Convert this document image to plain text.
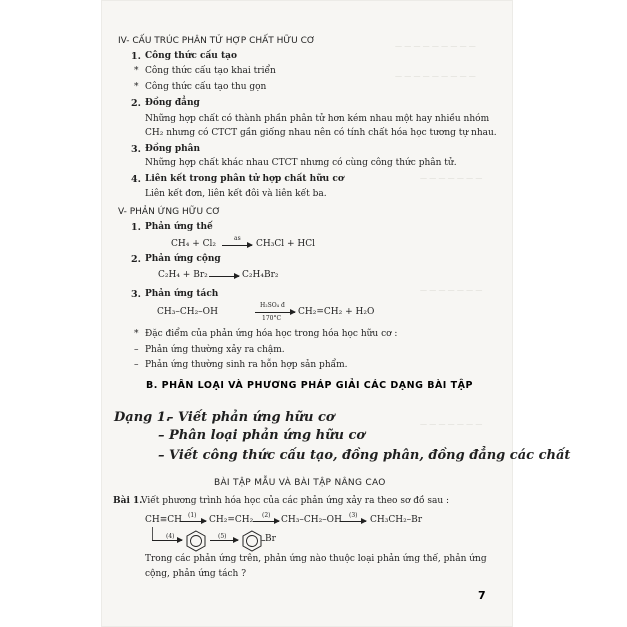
— — — — — — — — —
— — — — — — — — —
— — — — — — —
— — — — — — —
— — — — — — —
IV- CẤU TRÚC PHÂN TỬ HỢP CHẤT HỮU CƠ
1. Công thức cấu tạo
* Công thức cấu tạo khai triển
* Công thức cấu tạo thu gọn
2. Đồng đẳng
Những hợp chất có thành phần phân tử hơn kém nhau một hay nhiều nhóm
CH₂ nhưng có CTCT gần giống nhau nên có tính chất hóa học tương tự nhau.
3. Đồng phân
Những hợp chất khác nhau CTCT nhưng có cùng công thức phân tử.
4. Liên kết trong phân tử hợp chất hữu cơ
Liên kết đơn, liên kết đôi và liên kết ba.
V- PHẢN ỨNG HỮU CƠ
1. Phản ứng thế
CH₄ + Cl₂
as
→ CH₃Cl + HCl
2. Phản ứng cộng
C₂H₄ + Br₂ → C₂H₄Br₂
3. Phản ứng tách
CH₃–CH₂–OH
H₂SO₄ đ
170°C
CH₂=CH₂ + H₂O
* Đặc điểm của phản ứng hóa học trong hóa học hữu cơ :
– Phản ứng thường xảy ra chậm.
– Phản ứng thường sinh ra hỗn hợp sản phẩm.
B. PHÂN LOẠI VÀ PHƯƠNG PHÁP GIẢI CÁC DẠNG BÀI TẬP
Dạng 1.
– Viết phản ứng hữu cơ
– Phân loại phản ứng hữu cơ
– Viết công thức cấu tạo, đồng phân, đồng đẳng các chất
BÀI TẬP MẪU VÀ BÀI TẬP NÂNG CAO
Bài 1.
Viết phương trình hóa học của các phản ứng xảy ra theo sơ đồ sau :
CH≡CH (1) CH₂=CH₂ (2) CH₃–CH₂–OH (3) CH₃CH₂–Br
(4)	(5)	Br
Trong các phản ứng trên, phản ứng nào thuộc loại phản ứng thế, phản ứng
cộng, phản ứng tách ?
7
